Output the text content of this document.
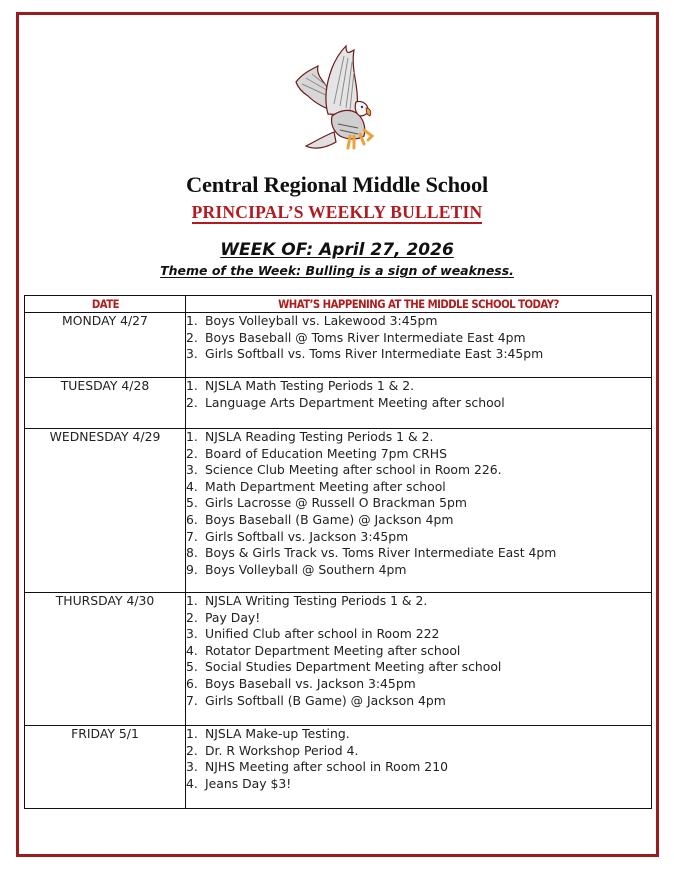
Central Regional Middle School
PRINCIPAL’S WEEKLY BULLETIN
WEEK OF: April 27, 2026
Theme of the Week: Bulling is a sign of weakness.
DATE	WHAT’S HAPPENING AT THE MIDDLE SCHOOL TODAY?
MONDAY 4/27	1. Boys Volleyball vs. Lakewood 3:45pm
2. Boys Baseball @ Toms River Intermediate East 4pm
3. Girls Softball vs. Toms River Intermediate East 3:45pm

TUESDAY 4/28	1. NJSLA Math Testing Periods 1 & 2.
2. Language Arts Department Meeting after school

WEDNESDAY 4/29	1. NJSLA Reading Testing Periods 1 & 2.
2. Board of Education Meeting 7pm CRHS
3. Science Club Meeting after school in Room 226.
4. Math Department Meeting after school
5. Girls Lacrosse @ Russell O Brackman 5pm
6. Boys Baseball (B Game) @ Jackson 4pm
7. Girls Softball vs. Jackson 3:45pm
8. Boys & Girls Track vs. Toms River Intermediate East 4pm
9. Boys Volleyball @ Southern 4pm

THURSDAY 4/30	1. NJSLA Writing Testing Periods 1 & 2.
2. Pay Day!
3. Unified Club after school in Room 222
4. Rotator Department Meeting after school
5. Social Studies Department Meeting after school
6. Boys Baseball vs. Jackson 3:45pm
7. Girls Softball (B Game) @ Jackson 4pm

FRIDAY 5/1	1. NJSLA Make-up Testing.
2. Dr. R Workshop Period 4.
3. NJHS Meeting after school in Room 210
4. Jeans Day $3!
